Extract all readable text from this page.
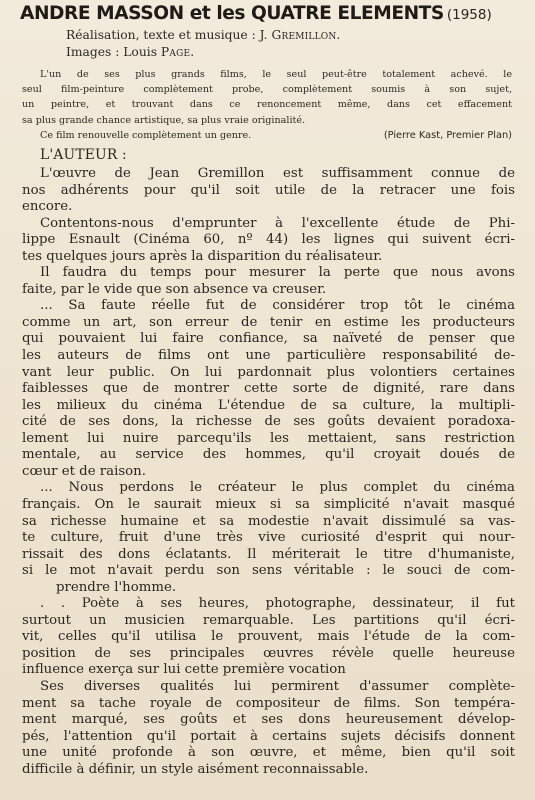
ANDRE MASSON et les QUATRE ELEMENTS (1958)
Réalisation, texte et musique : J. Gremillon.
Images : Louis Page.
L'un de ses plus grands films, le seul peut-être totalement achevé. le
seul film-peinture complètement probe, complètement soumis à son sujet,
un peintre, et trouvant dans ce renoncement même, dans cet effacement
sa plus grande chance artistique, sa plus vraie originalité.
Ce film renouvelle complètement un genre.	(Pierre Kast, Premier Plan)
L'AUTEUR :
L'œuvre de Jean Gremillon est suffisamment connue de
nos adhérents pour qu'il soit utile de la retracer une fois
encore.
Contentons-nous d'emprunter à l'excellente étude de Phi-
lippe Esnault (Cinéma 60, nº 44) les lignes qui suivent écri-
tes quelques jours après la disparition du réalisateur.
Il faudra du temps pour mesurer la perte que nous avons
faite, par le vide que son absence va creuser.
... Sa faute réelle fut de considérer trop tôt le cinéma
comme un art, son erreur de tenir en estime les producteurs
qui pouvaient lui faire confiance, sa naïveté de penser que
les auteurs de films ont une particulière responsabilité de-
vant leur public. On lui pardonnait plus volontiers certaines
faiblesses que de montrer cette sorte de dignité, rare dans
les milieux du cinéma L'étendue de sa culture, la multipli-
cité de ses dons, la richesse de ses goûts devaient poradoxa-
lement lui nuire parcequ'ils les mettaient, sans restriction
mentale, au service des hommes, qu'il croyait doués de
cœur et de raison.
... Nous perdons le créateur le plus complet du cinéma
français. On le saurait mieux si sa simplicité n'avait masqué
sa richesse humaine et sa modestie n'avait dissimulé sa vas-
te culture, fruit d'une très vive curiosité d'esprit qui nour-
rissait des dons éclatants. Il mériterait le titre d'humaniste,
si le mot n'avait perdu son sens véritable : le souci de com-
prendre l'homme.
. . Poète à ses heures, photographe, dessinateur, il fut
surtout un musicien remarquable. Les partitions qu'il écri-
vit, celles qu'il utilisa le prouvent, mais l'étude de la com-
position de ses principales œuvres révèle quelle heureuse
influence exerça sur lui cette première vocation
Ses diverses qualités lui permirent d'assumer complète-
ment sa tache royale de compositeur de films. Son tempéra-
ment marqué, ses goûts et ses dons heureusement dévelop-
pés, l'attention qu'il portait à certains sujets décisifs donnent
une unité profonde à son œuvre, et même, bien qu'il soit
difficile à définir, un style aisément reconnaissable.
